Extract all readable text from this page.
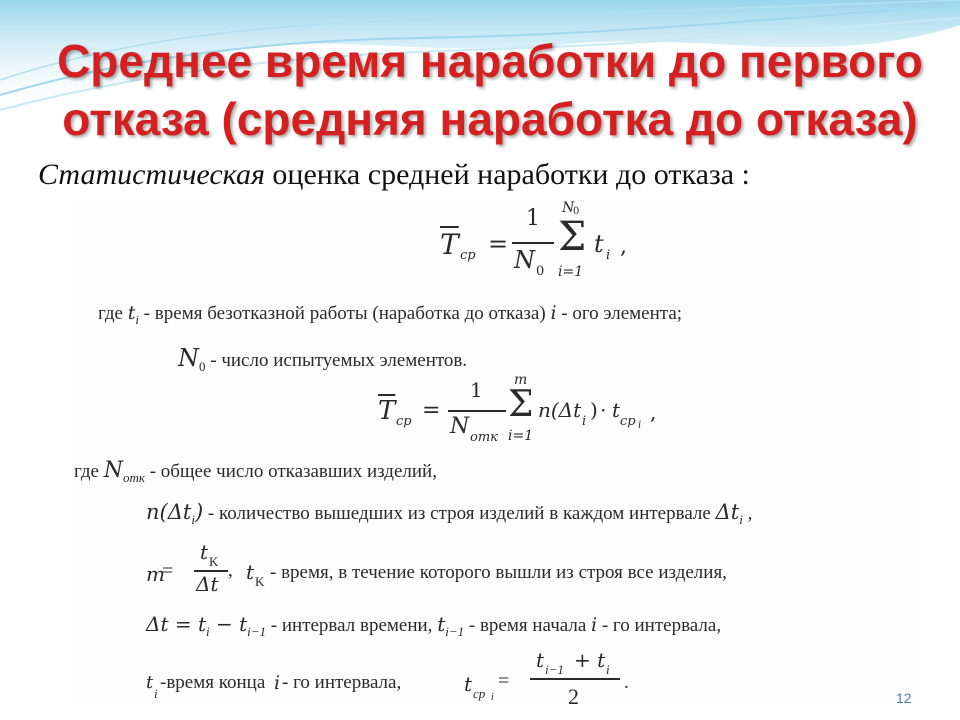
Среднее время наработки до первого отказа (средняя наработка до отказа)
Статистическая оценка средней наработки до отказа :
$\overline{T}$ cp =
1
N 0
Σ
N
0
i=1
t i ,
где $t_i$ - время безотказной работы (наработка до отказа) i - ого элемента;
$N_0$ - число испытуемых элементов.
$\overline{T}$ cp =
1
N отк
Σ
m
i=1
n(Δt i ) · t cp i
,
где $N_{отк}$ - общее число отказавших изделий,
$n(\Delta t_i)$ - количество вышедших из строя изделий в каждом интервале $\Delta t_i$ ,
m
=
t K
Δt
, t K - время, в течение которого вышли из строя все изделия,
$\Delta t = t_i - t_{i-1}$ - интервал времени, $t_{i-1}$ - время начала i - го интервала,
t
i
-время конца i - го интервала,	t cp i
=
t i−1 + t i
2
.
12
